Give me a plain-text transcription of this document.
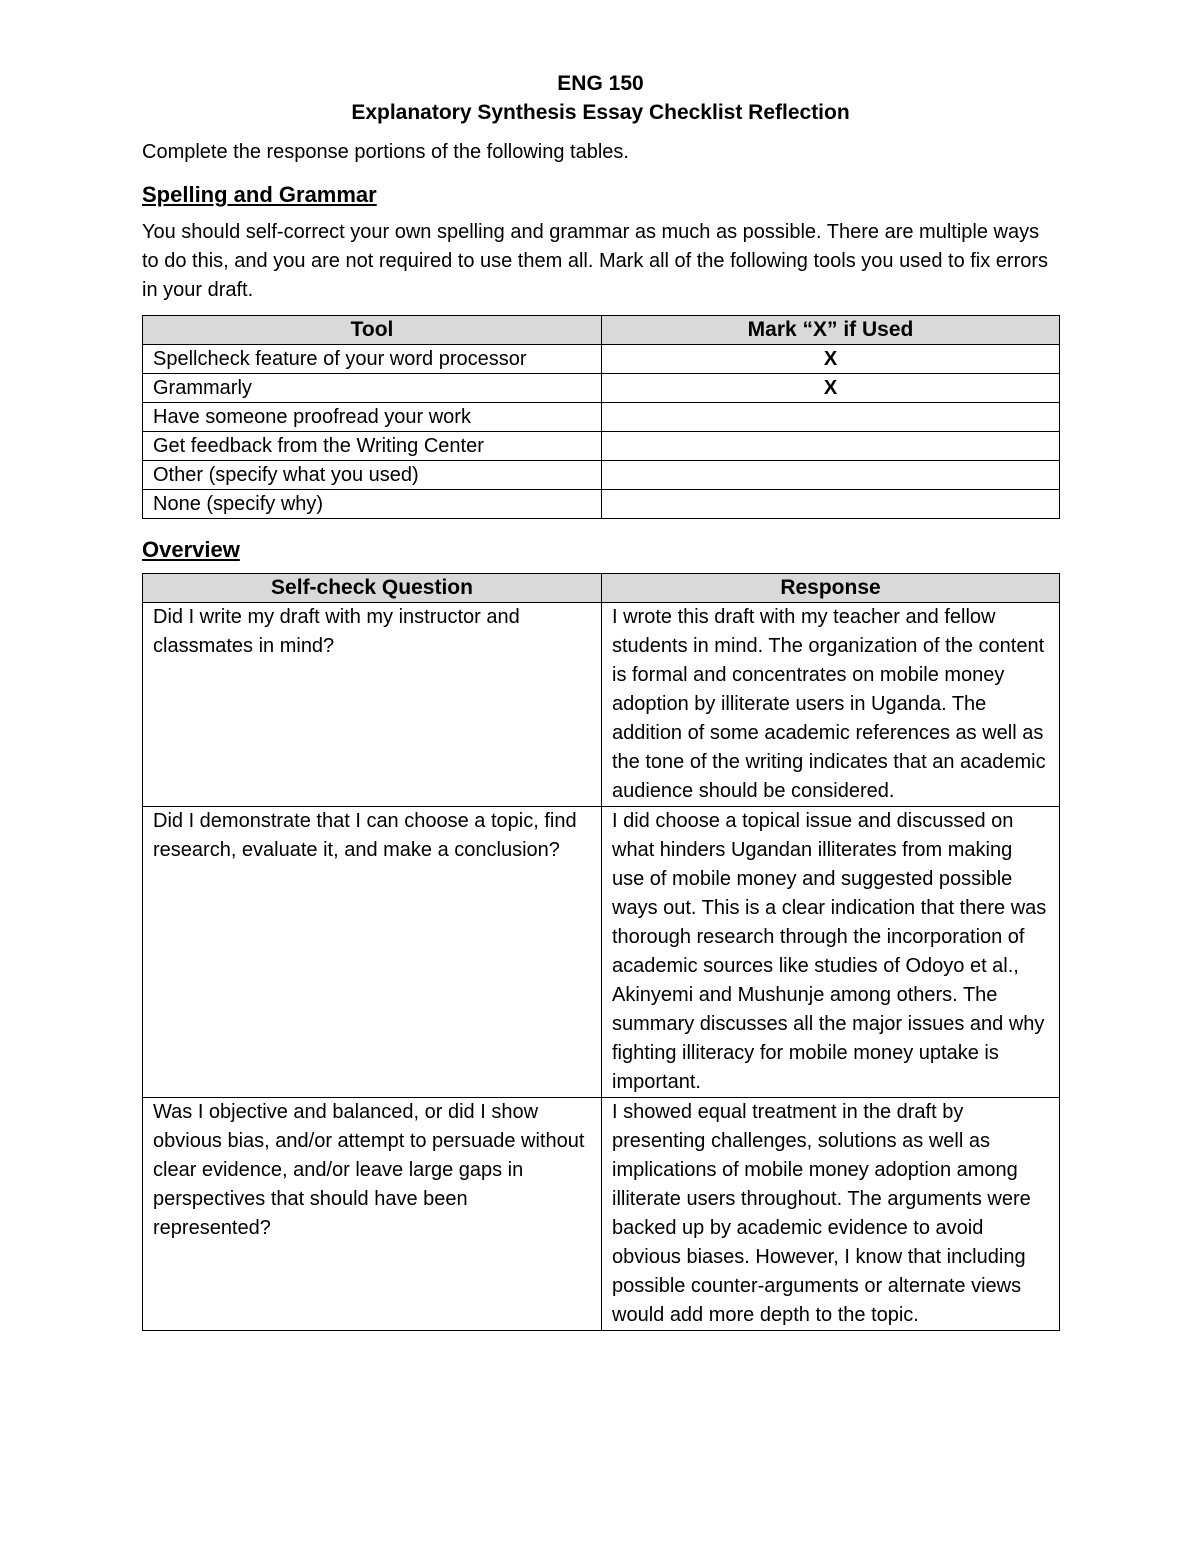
ENG 150

Explanatory Synthesis Essay Checklist Reflection

Complete the response portions of the following tables.

Spelling and Grammar

You should self-correct your own spelling and grammar as much as possible. There are multiple ways to do this, and you are not required to use them all. Mark all of the following tools you used to fix errors in your draft.

Tool	Mark “X” if Used
Spellcheck feature of your word processor	X
Grammarly	X
Have someone proofread your work	
Get feedback from the Writing Center	
Other (specify what you used)	
None (specify why)	
Overview
Self-check Question	Response
Did I write my draft with my instructor and classmates in mind?	I wrote this draft with my teacher and fellow students in mind. The organization of the content is formal and concentrates on mobile money adoption by illiterate users in Uganda. The addition of some academic references as well as the tone of the writing indicates that an academic audience should be considered.
Did I demonstrate that I can choose a topic, find research, evaluate it, and make a conclusion?	I did choose a topical issue and discussed on what hinders Ugandan illiterates from making use of mobile money and suggested possible ways out. This is a clear indication that there was thorough research through the incorporation of academic sources like studies of Odoyo et al., Akinyemi and Mushunje among others. The summary discusses all the major issues and why fighting illiteracy for mobile money uptake is important.
Was I objective and balanced, or did I show obvious bias, and/or attempt to persuade without clear evidence, and/or leave large gaps in perspectives that should have been represented?	I showed equal treatment in the draft by presenting challenges, solutions as well as implications of mobile money adoption among illiterate users throughout. The arguments were backed up by academic evidence to avoid obvious biases. However, I know that including possible counter-arguments or alternate views would add more depth to the topic.
